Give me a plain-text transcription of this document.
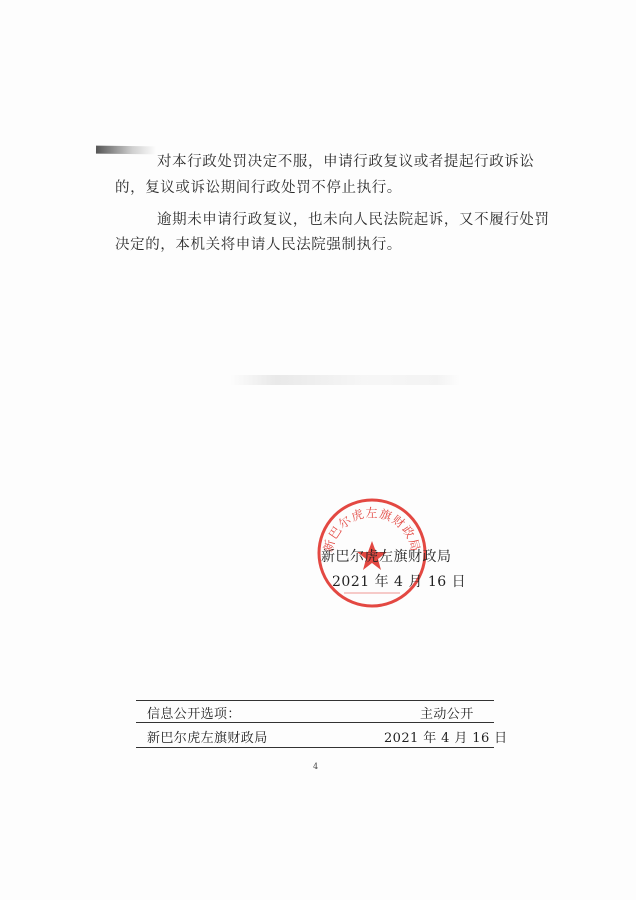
对本行政处罚决定不服，申请行政复议或者提起行政诉讼
的，复议或诉讼期间行政处罚不停止执行。
逾期未申请行政复议，也未向人民法院起诉，又不履行处罚
决定的，本机关将申请人民法院强制执行。
新巴尔虎左旗财政局
新巴尔虎左旗财政局
2021 年 4 月 16 日
信息公开选项：	主动公开
新巴尔虎左旗财政局	2021 年 4 月 16 日
4
